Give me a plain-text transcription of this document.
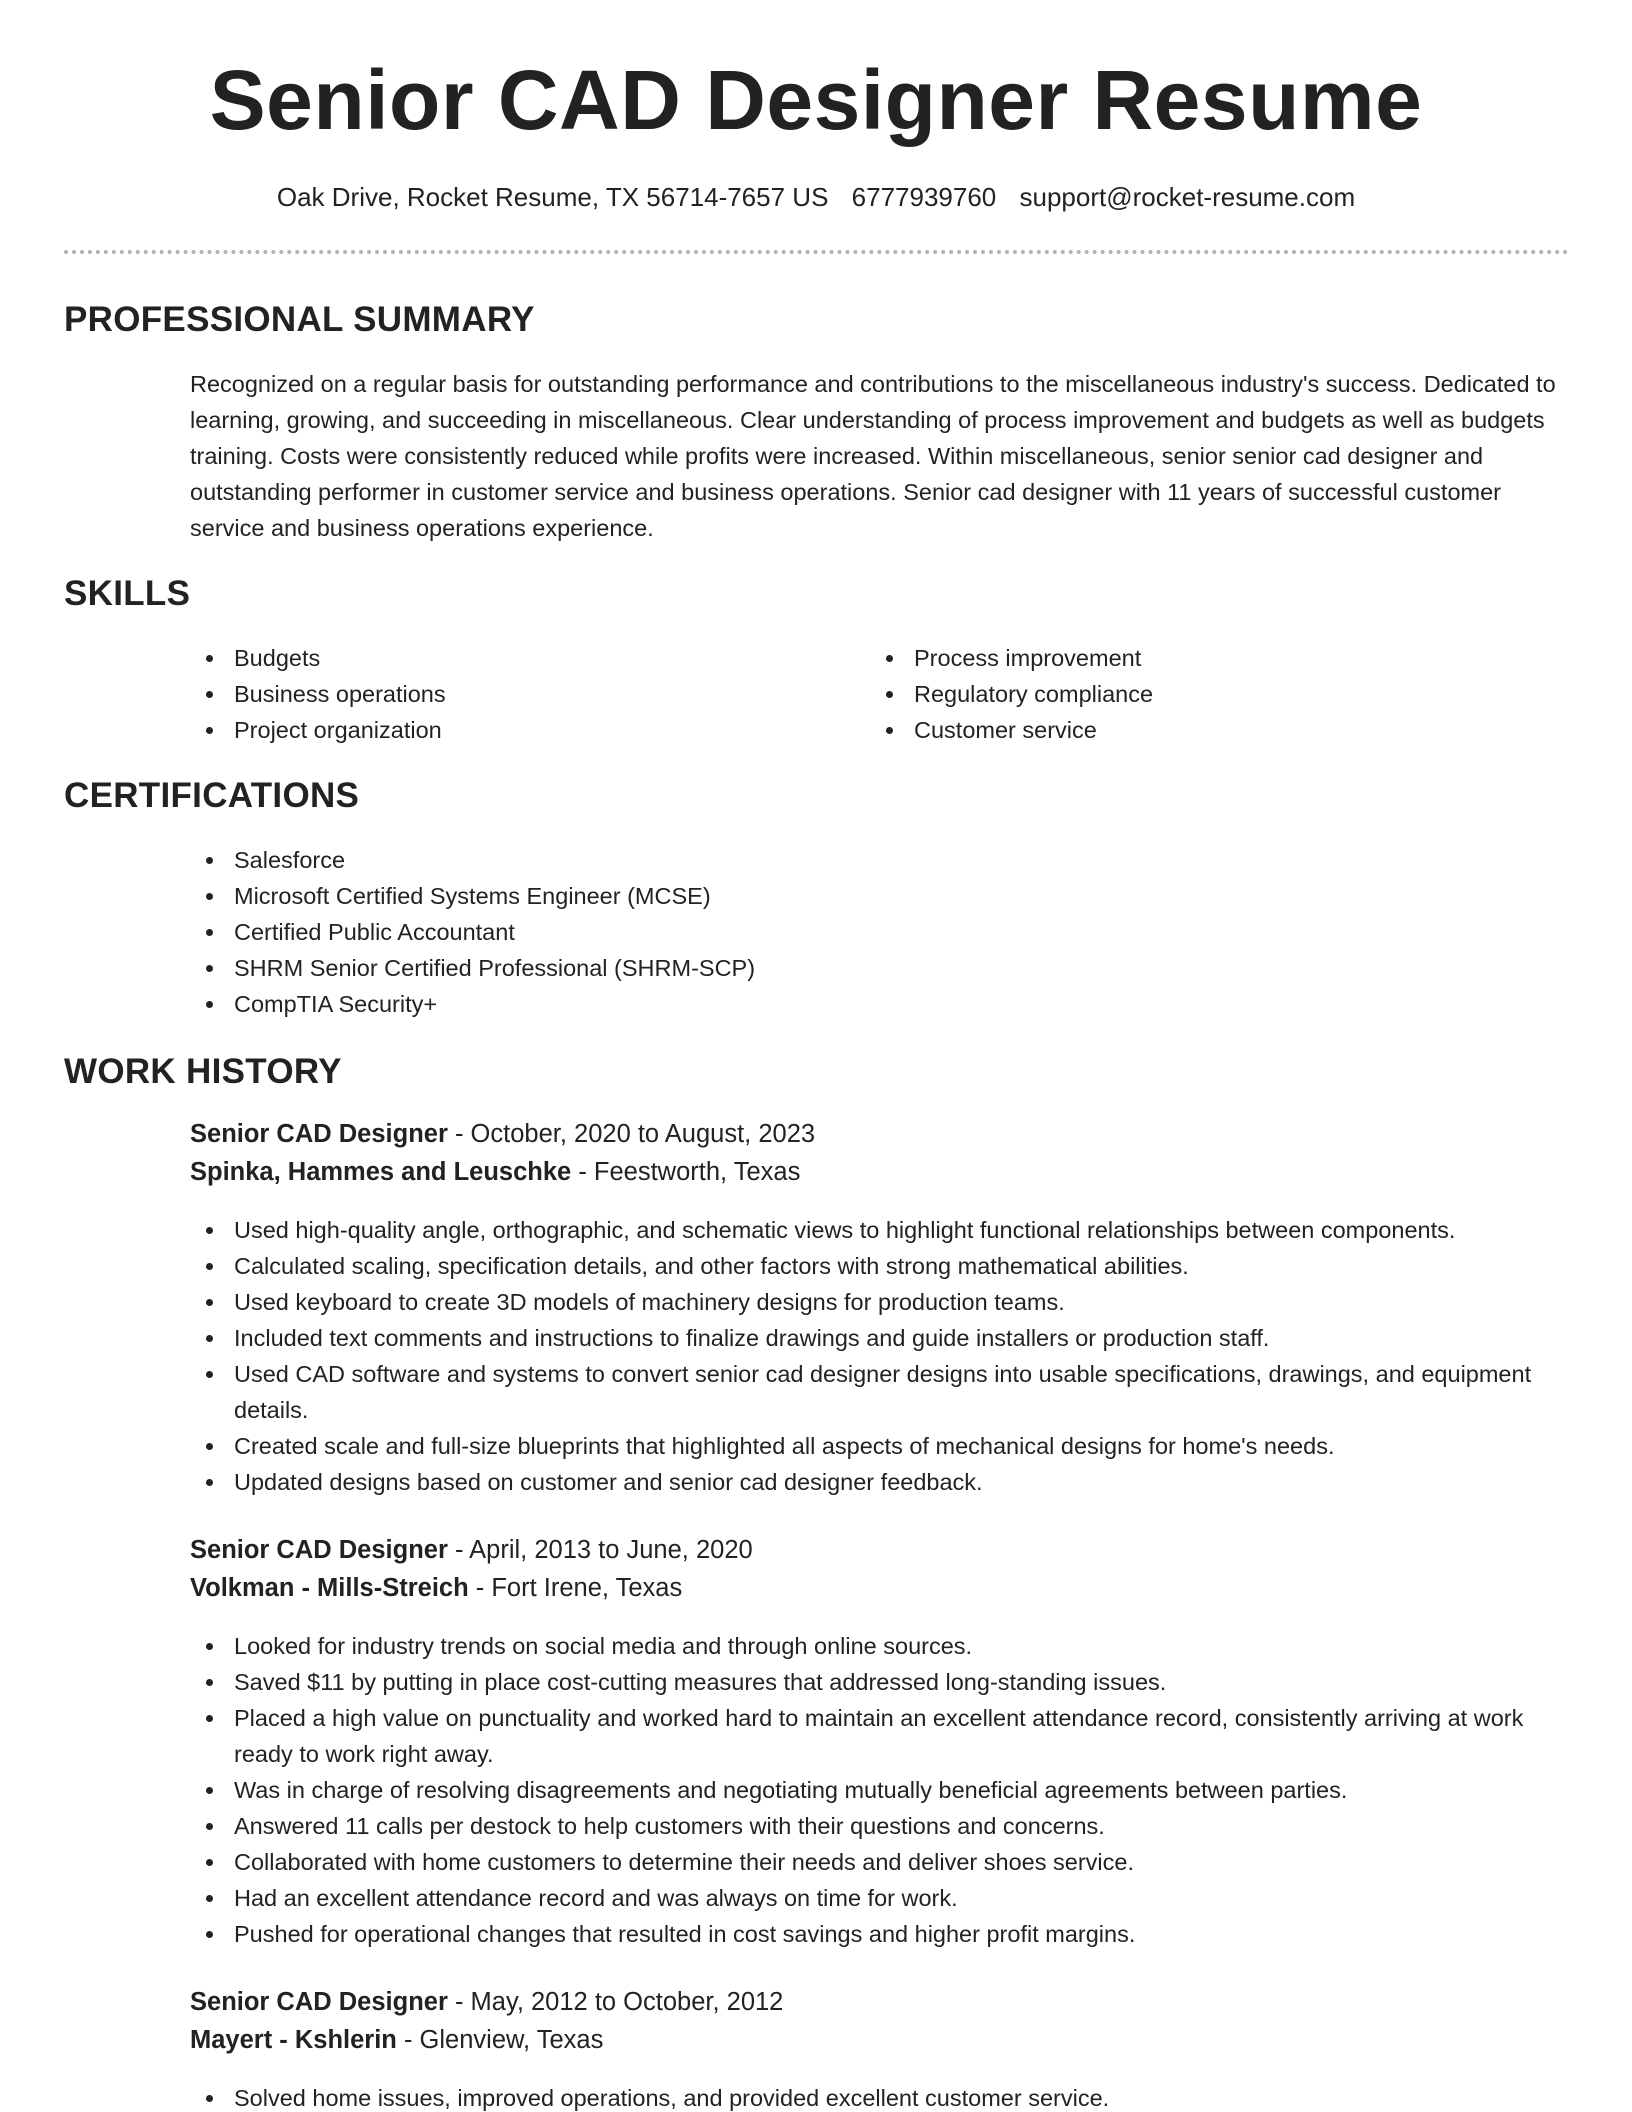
Senior CAD Designer Resume
Oak Drive, Rocket Resume, TX 56714-7657 US 6777939760 support@rocket-resume.com
PROFESSIONAL SUMMARY

Recognized on a regular basis for outstanding performance and contributions to the miscellaneous industry's success. Dedicated to learning, growing, and succeeding in miscellaneous. Clear understanding of process improvement and budgets as well as budgets training. Costs were consistently reduced while profits were increased. Within miscellaneous, senior senior cad designer and outstanding performer in customer service and business operations. Senior cad designer with 11 years of successful customer service and business operations experience.

SKILLS
Budgets
Business operations
Project organization
Process improvement
Regulatory compliance
Customer service
CERTIFICATIONS
Salesforce
Microsoft Certified Systems Engineer (MCSE)
Certified Public Accountant
SHRM Senior Certified Professional (SHRM-SCP)
CompTIA Security+
WORK HISTORY
Senior CAD Designer - October, 2020 to August, 2023
Spinka, Hammes and Leuschke - Feestworth, Texas
Used high-quality angle, orthographic, and schematic views to highlight functional relationships between components.
Calculated scaling, specification details, and other factors with strong mathematical abilities.
Used keyboard to create 3D models of machinery designs for production teams.
Included text comments and instructions to finalize drawings and guide installers or production staff.
Used CAD software and systems to convert senior cad designer designs into usable specifications, drawings, and equipment details.
Created scale and full-size blueprints that highlighted all aspects of mechanical designs for home's needs.
Updated designs based on customer and senior cad designer feedback.
Senior CAD Designer - April, 2013 to June, 2020
Volkman - Mills-Streich - Fort Irene, Texas
Looked for industry trends on social media and through online sources.
Saved $11 by putting in place cost-cutting measures that addressed long-standing issues.
Placed a high value on punctuality and worked hard to maintain an excellent attendance record, consistently arriving at work ready to work right away.
Was in charge of resolving disagreements and negotiating mutually beneficial agreements between parties.
Answered 11 calls per destock to help customers with their questions and concerns.
Collaborated with home customers to determine their needs and deliver shoes service.
Had an excellent attendance record and was always on time for work.
Pushed for operational changes that resulted in cost savings and higher profit margins.
Senior CAD Designer - May, 2012 to October, 2012
Mayert - Kshlerin - Glenview, Texas
Solved home issues, improved operations, and provided excellent customer service.
